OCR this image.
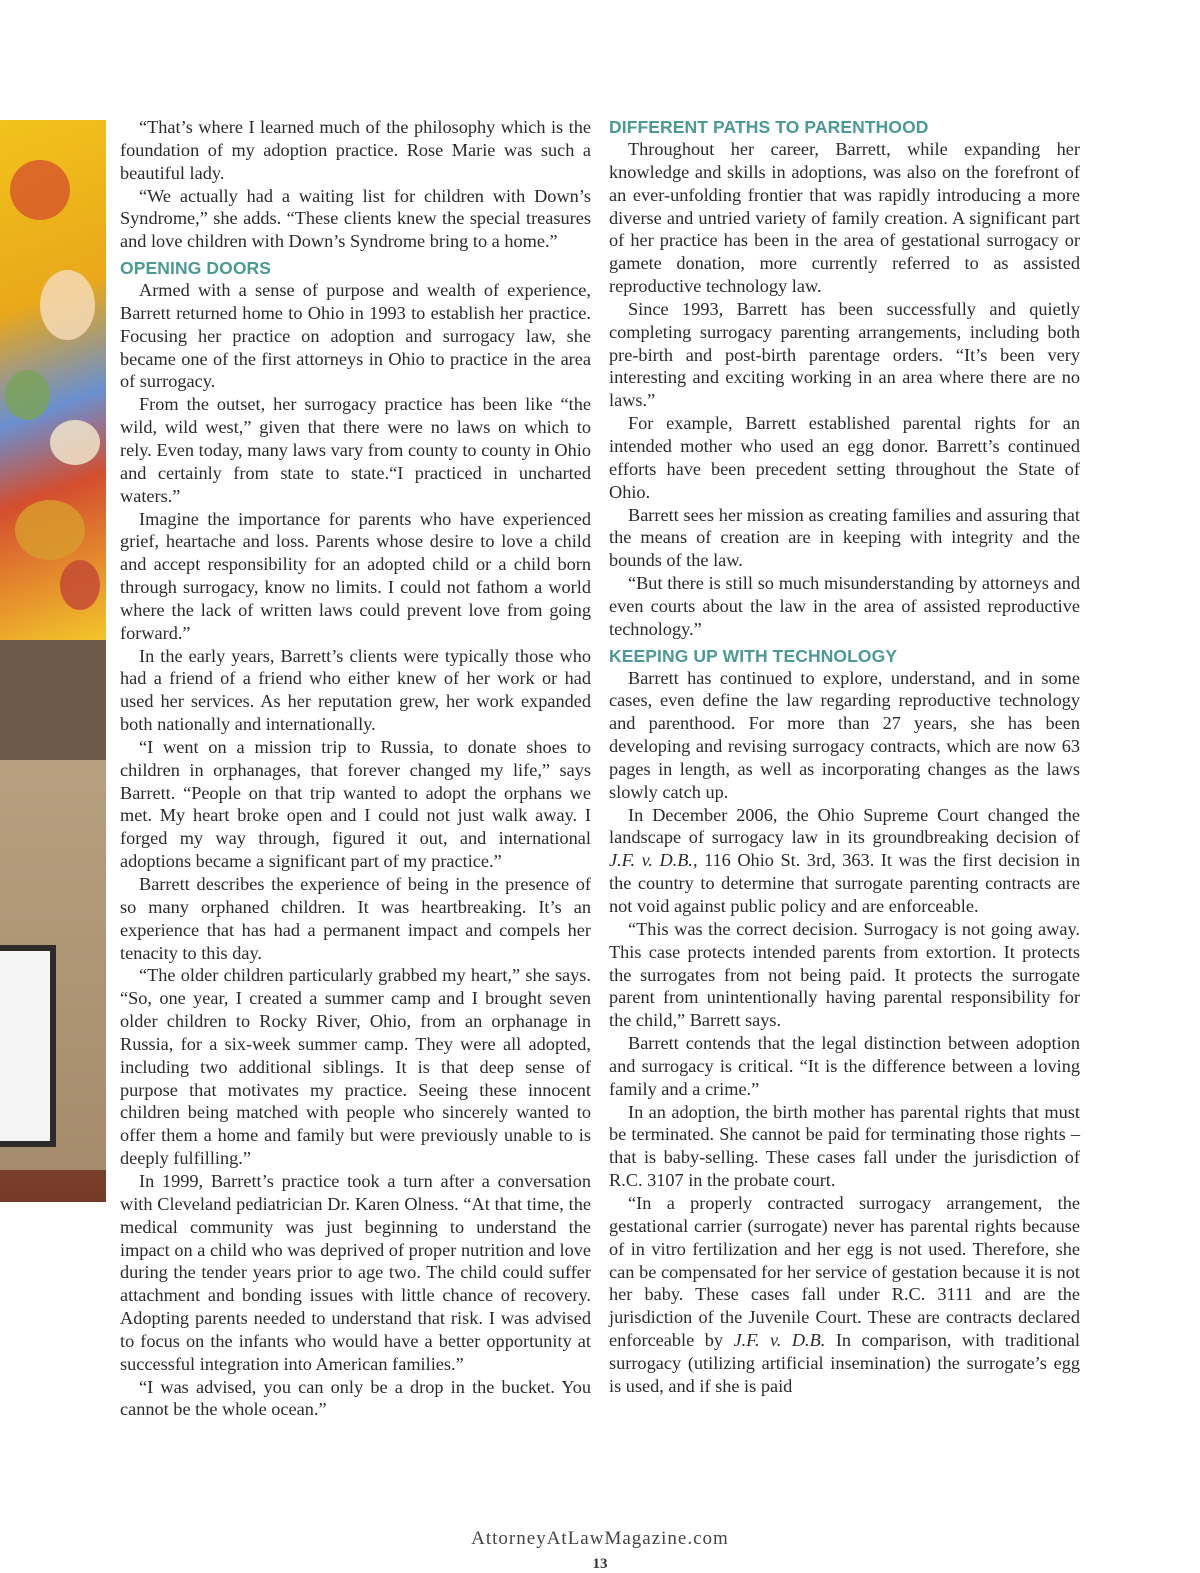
“That’s where I learned much of the philosophy which is the foundation of my adoption practice. Rose Marie was such a beautiful lady.

“We actually had a waiting list for children with Down’s Syndrome,” she adds. “These clients knew the special treasures and love children with Down’s Syndrome bring to a home.”

OPENING DOORS

Armed with a sense of purpose and wealth of experience, Barrett returned home to Ohio in 1993 to establish her practice. Focusing her practice on adoption and surrogacy law, she became one of the first attorneys in Ohio to practice in the area of surrogacy.

From the outset, her surrogacy practice has been like “the wild, wild west,” given that there were no laws on which to rely. Even today, many laws vary from county to county in Ohio and certainly from state to state.“I practiced in uncharted waters.”

Imagine the importance for parents who have experienced grief, heartache and loss. Parents whose desire to love a child and accept responsibility for an adopted child or a child born through surrogacy, know no limits. I could not fathom a world where the lack of written laws could prevent love from going forward.”

In the early years, Barrett’s clients were typically those who had a friend of a friend who either knew of her work or had used her services. As her reputation grew, her work expanded both nationally and internationally.

“I went on a mission trip to Russia, to donate shoes to children in orphanages, that forever changed my life,” says Barrett. “People on that trip wanted to adopt the orphans we met. My heart broke open and I could not just walk away. I forged my way through, figured it out, and international adoptions became a significant part of my practice.”

Barrett describes the experience of being in the presence of so many orphaned children. It was heartbreaking. It’s an experience that has had a permanent impact and compels her tenacity to this day.

“The older children particularly grabbed my heart,” she says. “So, one year, I created a summer camp and I brought seven older children to Rocky River, Ohio, from an orphanage in Russia, for a six-week summer camp. They were all adopted, including two additional siblings. It is that deep sense of purpose that motivates my practice. Seeing these innocent children being matched with people who sincerely wanted to offer them a home and family but were previously unable to is deeply fulfilling.”

In 1999, Barrett’s practice took a turn after a conversation with Cleveland pediatrician Dr. Karen Olness. “At that time, the medical community was just beginning to understand the impact on a child who was deprived of proper nutrition and love during the tender years prior to age two. The child could suffer attachment and bonding issues with little chance of recovery. Adopting parents needed to understand that risk. I was advised to focus on the infants who would have a better opportunity at successful integration into American families.”

“I was advised, you can only be a drop in the bucket. You cannot be the whole ocean.”

DIFFERENT PATHS TO PARENTHOOD

Throughout her career, Barrett, while expanding her knowledge and skills in adoptions, was also on the forefront of an ever-unfolding frontier that was rapidly introducing a more diverse and untried variety of family creation. A significant part of her practice has been in the area of gestational surrogacy or gamete donation, more currently referred to as assisted reproductive technology law.

Since 1993, Barrett has been successfully and quietly completing surrogacy parenting arrangements, including both pre-birth and post-birth parentage orders. “It’s been very interesting and exciting working in an area where there are no laws.”

For example, Barrett established parental rights for an intended mother who used an egg donor. Barrett’s continued efforts have been precedent setting throughout the State of Ohio.

Barrett sees her mission as creating families and assuring that the means of creation are in keeping with integrity and the bounds of the law.

“But there is still so much misunderstanding by attorneys and even courts about the law in the area of assisted reproductive technology.”

KEEPING UP WITH TECHNOLOGY

Barrett has continued to explore, understand, and in some cases, even define the law regarding reproductive technology and parenthood. For more than 27 years, she has been developing and revising surrogacy contracts, which are now 63 pages in length, as well as incorporating changes as the laws slowly catch up.

In December 2006, the Ohio Supreme Court changed the landscape of surrogacy law in its groundbreaking decision of J.F. v. D.B., 116 Ohio St. 3rd, 363. It was the first decision in the country to determine that surrogate parenting contracts are not void against public policy and are enforceable.

“This was the correct decision. Surrogacy is not going away. This case protects intended parents from extortion. It protects the surrogates from not being paid. It protects the surrogate parent from unintentionally having parental responsibility for the child,” Barrett says.

Barrett contends that the legal distinction between adoption and surrogacy is critical. “It is the difference between a loving family and a crime.”

In an adoption, the birth mother has parental rights that must be terminated. She cannot be paid for terminating those rights – that is baby-selling. These cases fall under the jurisdiction of R.C. 3107 in the probate court.

“In a properly contracted surrogacy arrangement, the gestational carrier (surrogate) never has parental rights because of in vitro fertilization and her egg is not used. Therefore, she can be compensated for her service of gestation because it is not her baby. These cases fall under R.C. 3111 and are the jurisdiction of the Juvenile Court. These are contracts declared enforceable by J.F. v. D.B. In comparison, with traditional surrogacy (utilizing artificial insemination) the surrogate’s egg is used, and if she is paid

AttorneyAtLawMagazine.com
13
